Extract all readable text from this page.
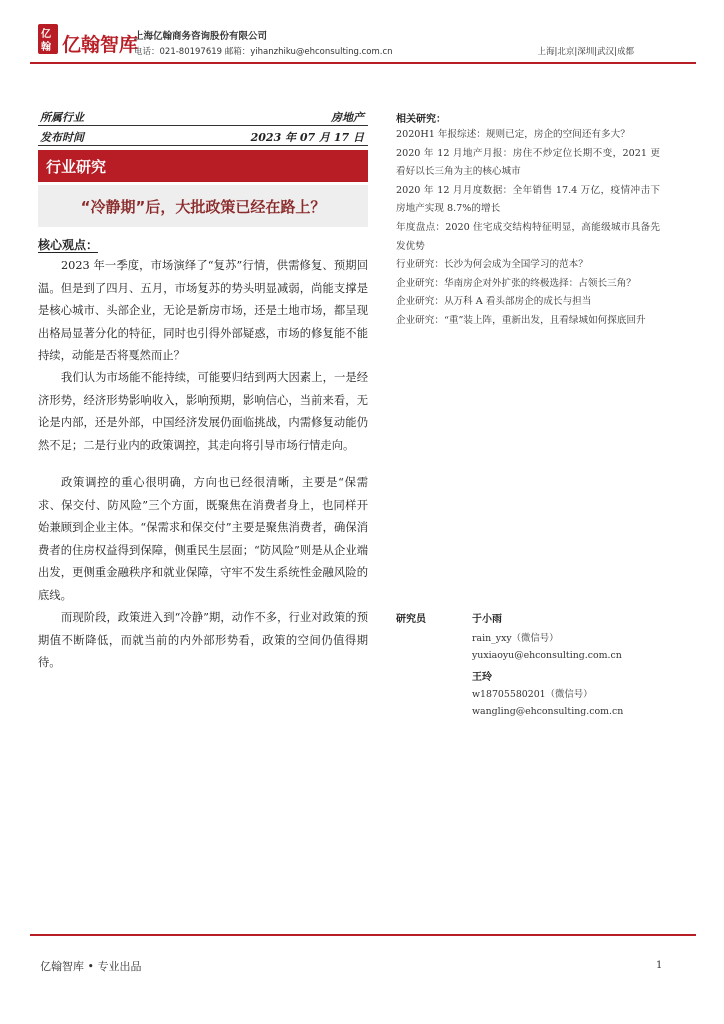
亿
翰 亿翰智库
上海亿翰商务咨询股份有限公司
电话：021-80197619 邮箱：yihanzhiku@ehconsulting.com.cn	上海|北京|深圳|武汉|成都
所属行业	房地产
发布时间	2023 年 07 月 17 日
行业研究
“冷静期”后，大批政策已经在路上？
核心观点：

2023 年一季度，市场演绎了“复苏”行情，供需修复、预期回温。但是到了四月、五月，市场复苏的势头明显减弱，尚能支撑是是核心城市、头部企业，无论是新房市场，还是土地市场，都呈现出格局显著分化的特征，同时也引得外部疑惑，市场的修复能不能持续，动能是否将戛然而止？

我们认为市场能不能持续，可能要归结到两大因素上，一是经济形势，经济形势影响收入，影响预期，影响信心，当前来看，无论是内部，还是外部，中国经济发展仍面临挑战，内需修复动能仍然不足；二是行业内的政策调控，其走向将引导市场行情走向。

政策调控的重心很明确，方向也已经很清晰，主要是“保需求、保交付、防风险”三个方面，既聚焦在消费者身上，也同样开始兼顾到企业主体。“保需求和保交付”主要是聚焦消费者，确保消费者的住房权益得到保障，侧重民生层面；“防风险”则是从企业端出发，更侧重金融秩序和就业保障，守牢不发生系统性金融风险的底线。

而现阶段，政策进入到“冷静”期，动作不多，行业对政策的预期值不断降低，而就当前的内外部形势看，政策的空间仍值得期待。

相关研究：

2020H1 年报综述：规则已定，房企的空间还有多大？

2020 年 12 月地产月报：房住不炒定位长期不变，2021 更看好以长三角为主的核心城市

2020 年 12 月月度数据：全年销售 17.4 万亿，疫情冲击下房地产实现 8.7%的增长

年度盘点：2020 住宅成交结构特征明显，高能级城市具备先发优势

行业研究：长沙为何会成为全国学习的范本？

企业研究：华南房企对外扩张的终极选择：占领长三角？

企业研究：从万科 A 看头部房企的成长与担当

企业研究：“重”装上阵，重新出发，且看绿城如何探底回升

研究员	于小雨
rain_yxy（微信号）
yuxiaoyu@ehconsulting.com.cn
王玲
w18705580201（微信号）
wangling@ehconsulting.com.cn
亿翰智库 • 专业出品	1
